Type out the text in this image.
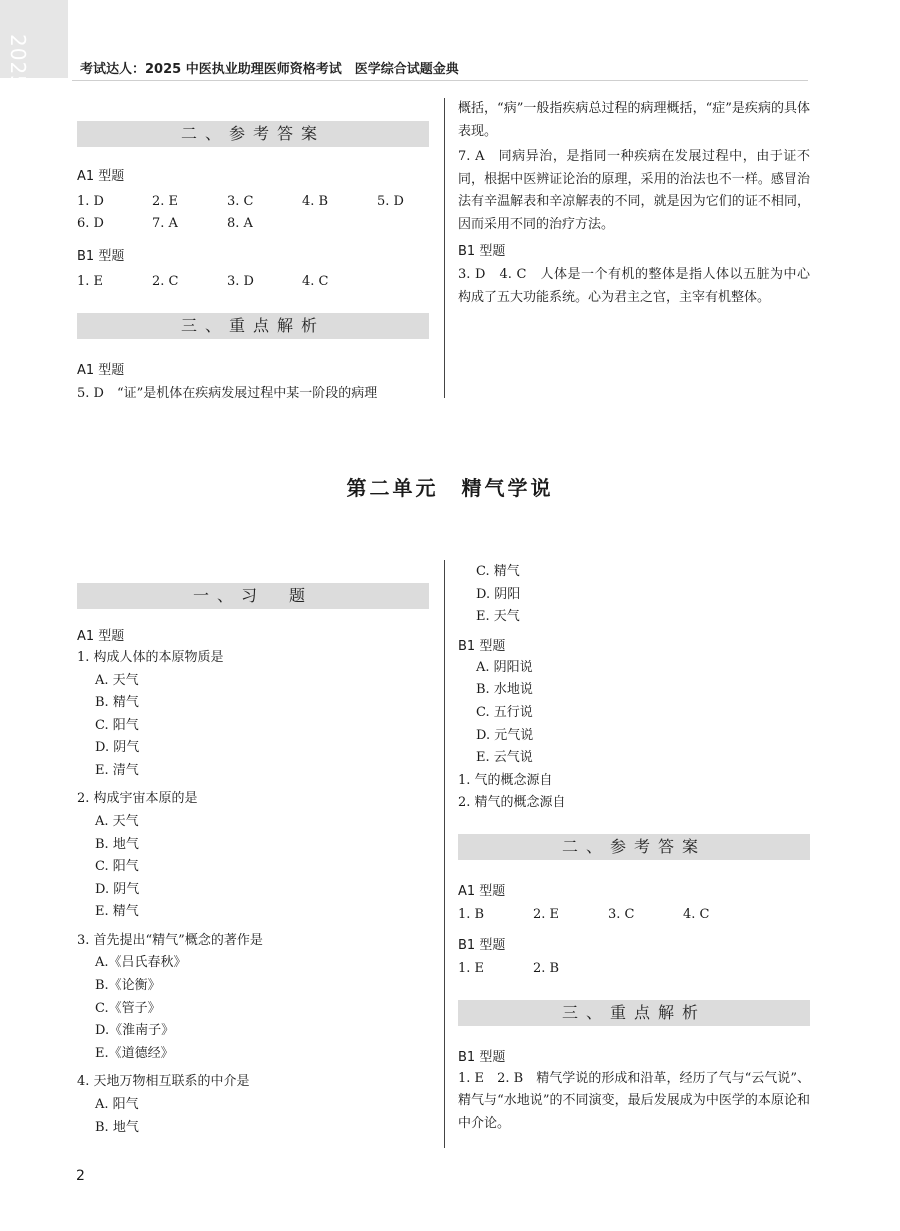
2025	考试达人：2025 中医执业助理医师资格考试　医学综合试题金典
二、参考答案
A1 型题
1. D	2. E	3. C	4. B	5. D
6. D	7. A	8. A
B1 型题
1. E	2. C	3. D	4. C
三、重点解析
A1 型题
5. D　“证”是机体在疾病发展过程中某一阶段的病理
概括，“病”一般指疾病总过程的病理概括，“症”是疾病的具体表现。
7. A　同病异治，是指同一种疾病在发展过程中，由于证不同，根据中医辨证论治的原理，采用的治法也不一样。感冒治法有辛温解表和辛凉解表的不同，就是因为它们的证不相同，因而采用不同的治疗方法。
B1 型题
3. D　4. C　人体是一个有机的整体是指人体以五脏为中心构成了五大功能系统。心为君主之官，主宰有机整体。
第二单元　精气学说
一、习　题
A1 型题
1. 构成人体的本原物质是
A. 天气
B. 精气
C. 阳气
D. 阴气
E. 清气
2. 构成宇宙本原的是
A. 天气
B. 地气
C. 阳气
D. 阴气
E. 精气
3. 首先提出“精气”概念的著作是
A.《吕氏春秋》
B.《论衡》
C.《管子》
D.《淮南子》
E.《道德经》
4. 天地万物相互联系的中介是
A. 阳气
B. 地气
C. 精气
D. 阴阳
E. 天气
B1 型题
A. 阴阳说
B. 水地说
C. 五行说
D. 元气说
E. 云气说
1. 气的概念源自
2. 精气的概念源自
二、参考答案
A1 型题
1. B	2. E	3. C	4. C
B1 型题
1. E	2. B
三、重点解析
B1 型题
1. E　2. B　精气学说的形成和沿革，经历了气与“云气说”、精气与“水地说”的不同演变，最后发展成为中医学的本原论和中介论。
2
